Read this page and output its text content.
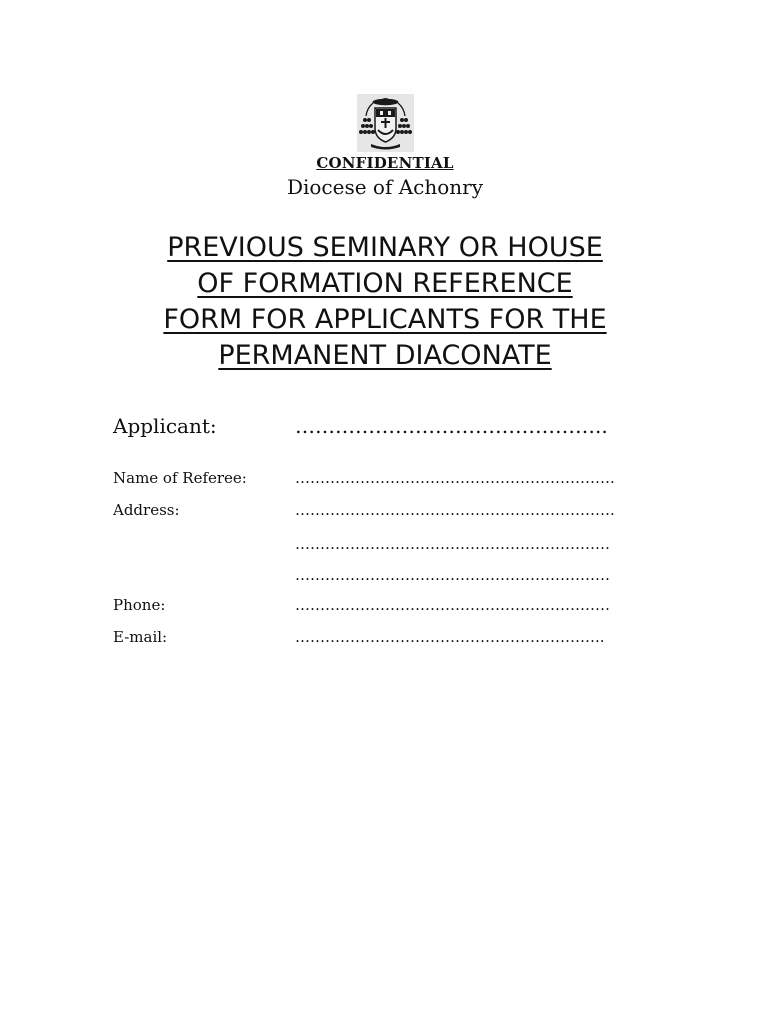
CONFIDENTIAL
Diocese of Achonry
PREVIOUS SEMINARY OR HOUSE
OF FORMATION REFERENCE
FORM FOR APPLICANTS FOR THE
PERMANENT DIACONATE
Applicant:	………………………………………..
Name of Referee:	……………………………………………………….
Address:	……………………………………………………….
………………………………………………………
………………………………………………………
Phone:	………………………………………………………
E-mail:	……………………………………………………..
